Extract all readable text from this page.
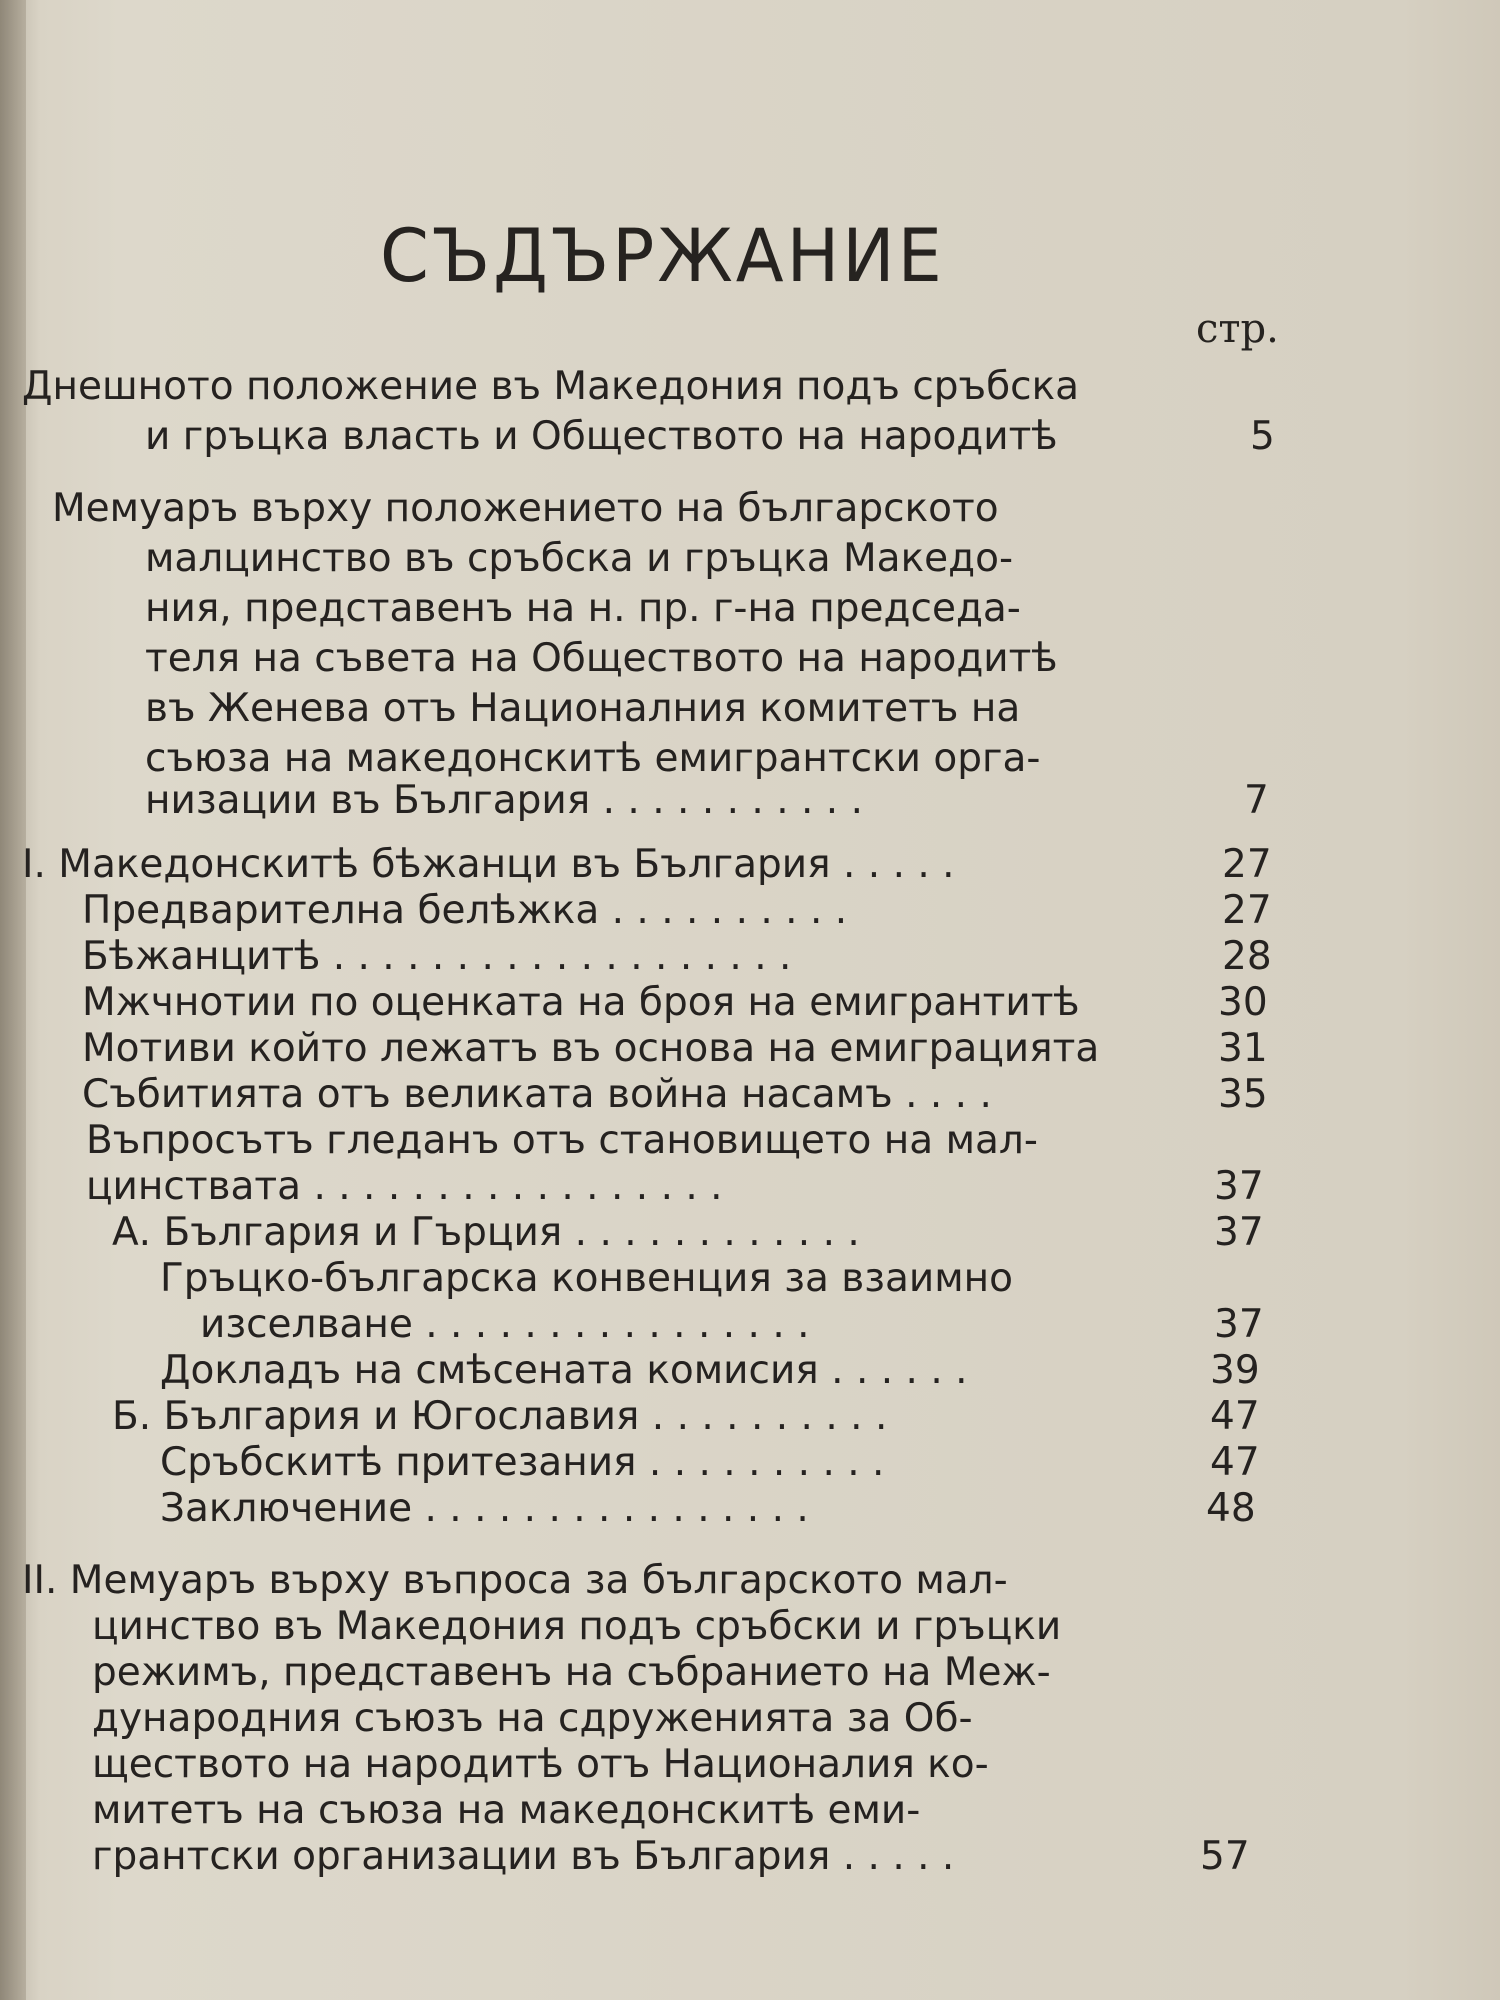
СЪДЪРЖАНИЕ
стр.
Днешното положение въ Македония подъ сръбска
и гръцка власть и Обществото на народитѣ	5
Мемуаръ върху положението на българското
малцинство въ сръбска и гръцка Македо-
ния, представенъ на н. пр. г-на председа-
теля на съвета на Обществото на народитѣ
въ Женева отъ Националния комитетъ на
съюза на македонскитѣ емигрантски орга-
низации въ България . . . . . . . . . . .	7
I. Македонскитѣ бѣжанци въ България . . . . .	27
Предварителна белѣжка . . . . . . . . . .	27
Бѣжанцитѣ . . . . . . . . . . . . . . . . . . .	28
Мжчнотии по оценката на броя на емигрантитѣ	30
Мотиви който лежатъ въ основа на емиграцията	31
Събитията отъ великата война насамъ . . . .	35
Въпросътъ гледанъ отъ становището на мал-
цинствата . . . . . . . . . . . . . . . . .	37
А. България и Гърция . . . . . . . . . . . .	37
Гръцко-българска конвенция за взаимно
изселване . . . . . . . . . . . . . . . .	37
Докладъ на смѣсената комисия . . . . . .	39
Б. България и Югославия . . . . . . . . . .	47
Сръбскитѣ притезания . . . . . . . . . .	47
Заключение . . . . . . . . . . . . . . . .	48
II. Мемуаръ върху въпроса за българското мал-
цинство въ Македония подъ сръбски и гръцки
режимъ, представенъ на събранието на Меж-
дународния съюзъ на сдруженията за Об-
ществото на народитѣ отъ Националия ко-
митетъ на съюза на македонскитѣ еми-
грантски организации въ България . . . . .	57
